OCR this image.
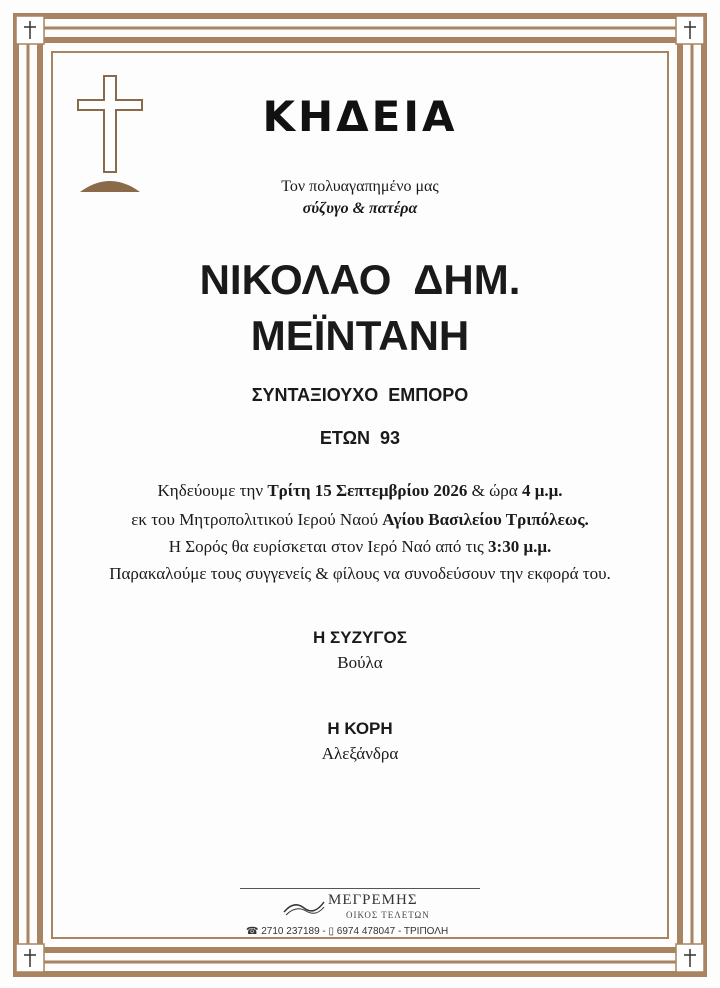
ΚΗΔΕΙΑ
Τον πολυαγαπημένο μας
σύζυγο & πατέρα
ΝΙΚΟΛΑΟ  ΔΗΜ.
ΜΕΪΝΤΑΝΗ
ΣΥΝΤΑΞΙΟΥΧΟ  ΕΜΠΟΡΟ
ΕΤΩΝ  93
Κηδεύουμε την Τρίτη 15 Σεπτεμβρίου 2026 & ώρα 4 μ.μ.
εκ του Μητροπολιτικού Ιερού Ναού Αγίου Βασιλείου Τριπόλεως.
Η Σορός θα ευρίσκεται στον Ιερό Ναό από τις 3:30 μ.μ.
Παρακαλούμε τους συγγενείς & φίλους να συνοδεύσουν την εκφορά του.
Η ΣΥΖΥΓΟΣ
Βούλα
Η ΚΟΡΗ
Αλεξάνδρα
ΜΕΓΡΕΜΗΣ
ΟΙΚΟΣ ΤΕΛΕΤΩΝ
☎ 2710 237189 - ▯ 6974 478047 - ΤΡΙΠΟΛΗ
